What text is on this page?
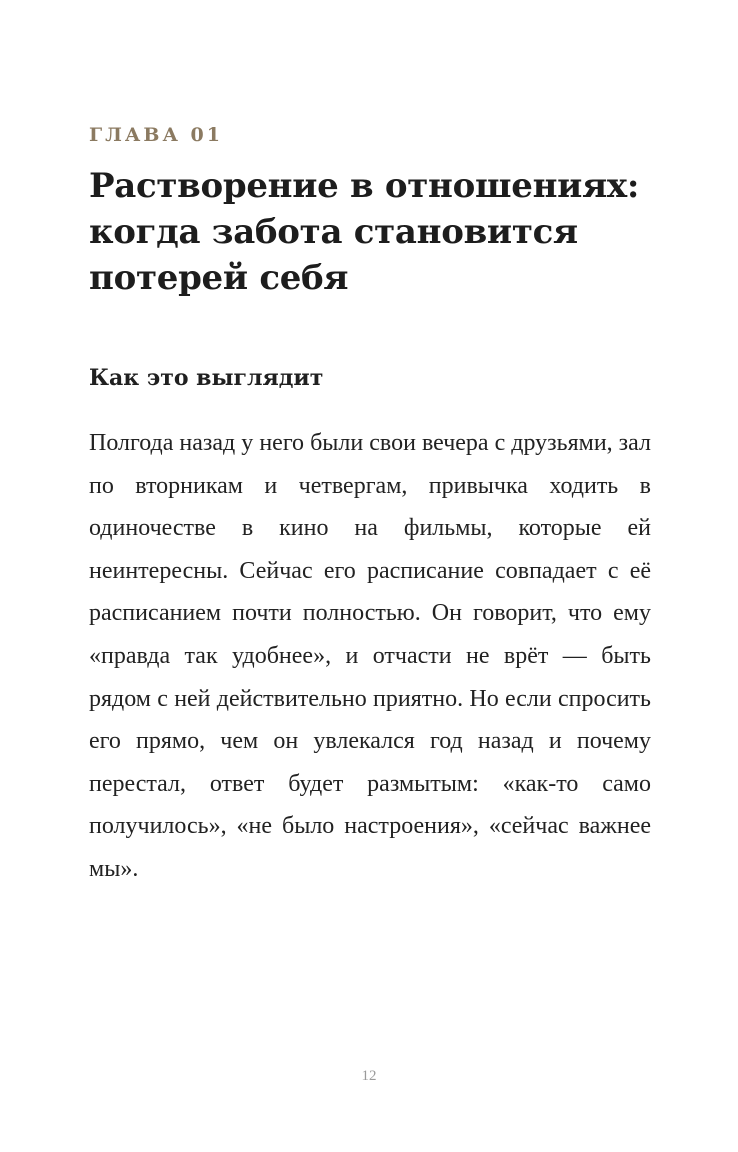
ГЛАВА 01
Растворение в отношениях: когда забота становится потерей себя
Как это выглядит

Полгода назад у него были свои вечера с друзьями, зал по вторникам и четвергам, привычка ходить в одиночестве в кино на фильмы, которые ей неинтересны. Сейчас его расписание совпадает с её расписанием почти полностью. Он говорит, что ему «правда так удобнее», и отчасти не врёт — быть рядом с ней действительно приятно. Но если спросить его прямо, чем он увлекался год назад и почему перестал, ответ будет размытым: «как-то само получилось», «не было настроения», «сейчас важнее мы».

12
